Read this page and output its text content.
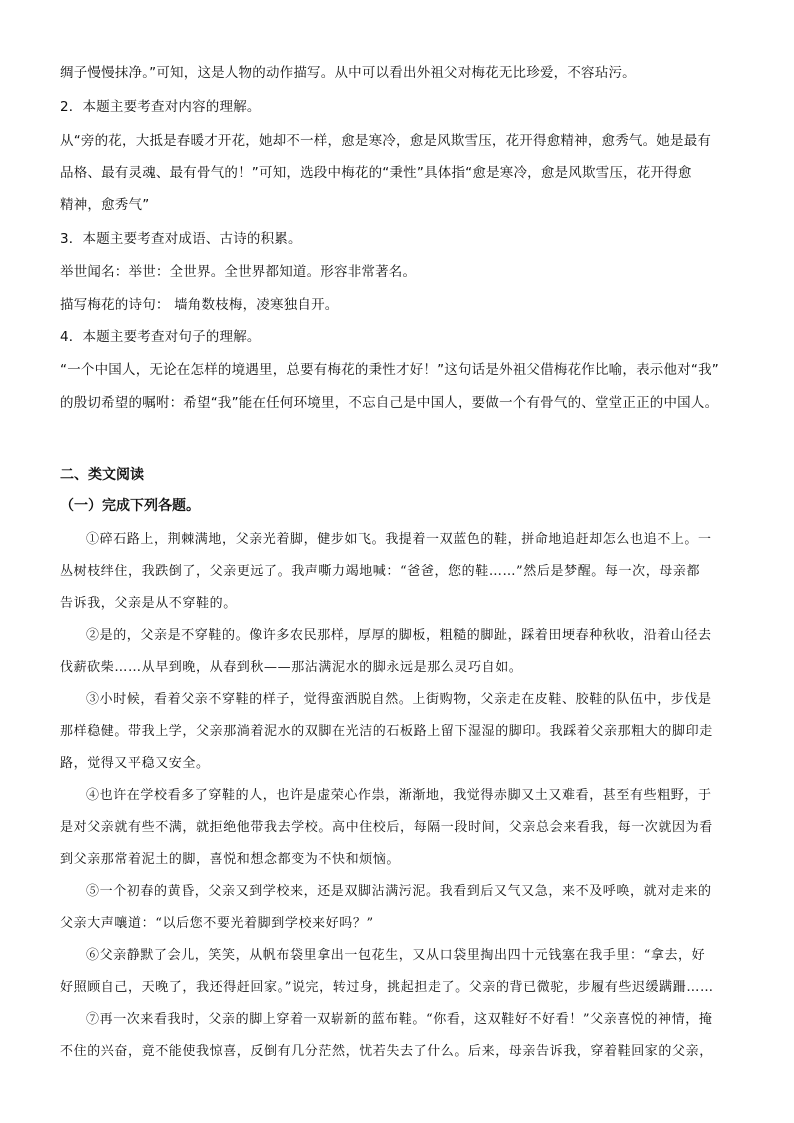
绸子慢慢抹净。”可知，这是人物的动作描写。从中可以看出外祖父对梅花无比珍爱，不容玷污。
2．本题主要考查对内容的理解。
从“旁的花，大抵是春暖才开花，她却不一样，愈是寒冷，愈是风欺雪压，花开得愈精神，愈秀气。她是最有
品格、最有灵魂、最有骨气的！”可知，选段中梅花的“秉性”具体指“愈是寒冷，愈是风欺雪压，花开得愈
精神，愈秀气”
3．本题主要考查对成语、古诗的积累。
举世闻名：举世：全世界。全世界都知道。形容非常著名。
描写梅花的诗句： 墙角数枝梅，凌寒独自开。
4．本题主要考查对句子的理解。
“一个中国人，无论在怎样的境遇里，总要有梅花的秉性才好！”这句话是外祖父借梅花作比喻，表示他对“我”
的殷切希望的嘱咐：希望“我”能在任何环境里，不忘自己是中国人，要做一个有骨气的、堂堂正正的中国人。
二、类文阅读
（一）完成下列各题。
①碎石路上，荆棘满地，父亲光着脚，健步如飞。我提着一双蓝色的鞋，拼命地追赶却怎么也追不上。一
丛树枝绊住，我跌倒了，父亲更远了。我声嘶力竭地喊：“爸爸，您的鞋……”然后是梦醒。每一次，母亲都
告诉我，父亲是从不穿鞋的。
②是的，父亲是不穿鞋的。像许多农民那样，厚厚的脚板，粗糙的脚趾，踩着田埂春种秋收，沿着山径去
伐薪砍柴……从早到晚，从春到秋——那沾满泥水的脚永远是那么灵巧自如。
③小时候，看着父亲不穿鞋的样子，觉得蛮洒脱自然。上街购物，父亲走在皮鞋、胶鞋的队伍中，步伐是
那样稳健。带我上学，父亲那淌着泥水的双脚在光洁的石板路上留下湿湿的脚印。我踩着父亲那粗大的脚印走
路，觉得又平稳又安全。
④也许在学校看多了穿鞋的人，也许是虚荣心作祟，渐渐地，我觉得赤脚又土又难看，甚至有些粗野，于
是对父亲就有些不满，就拒绝他带我去学校。高中住校后，每隔一段时间，父亲总会来看我，每一次就因为看
到父亲那常着泥土的脚，喜悦和想念都变为不快和烦恼。
⑤一个初春的黄昏，父亲又到学校来，还是双脚沾满污泥。我看到后又气又急，来不及呼唤，就对走来的
父亲大声嚷道：“以后您不要光着脚到学校来好吗？”
⑥父亲静默了会儿，笑笑，从帆布袋里拿出一包花生，又从口袋里掏出四十元钱塞在我手里：“拿去，好
好照顾自己，天晚了，我还得赶回家。”说完，转过身，挑起担走了。父亲的背已微驼，步履有些迟缓蹒跚……
⑦再一次来看我时，父亲的脚上穿着一双崭新的蓝布鞋。“你看，这双鞋好不好看！”父亲喜悦的神情，掩
不住的兴奋，竟不能使我惊喜，反倒有几分茫然，忧若失去了什么。后来，母亲告诉我，穿着鞋回家的父亲，
